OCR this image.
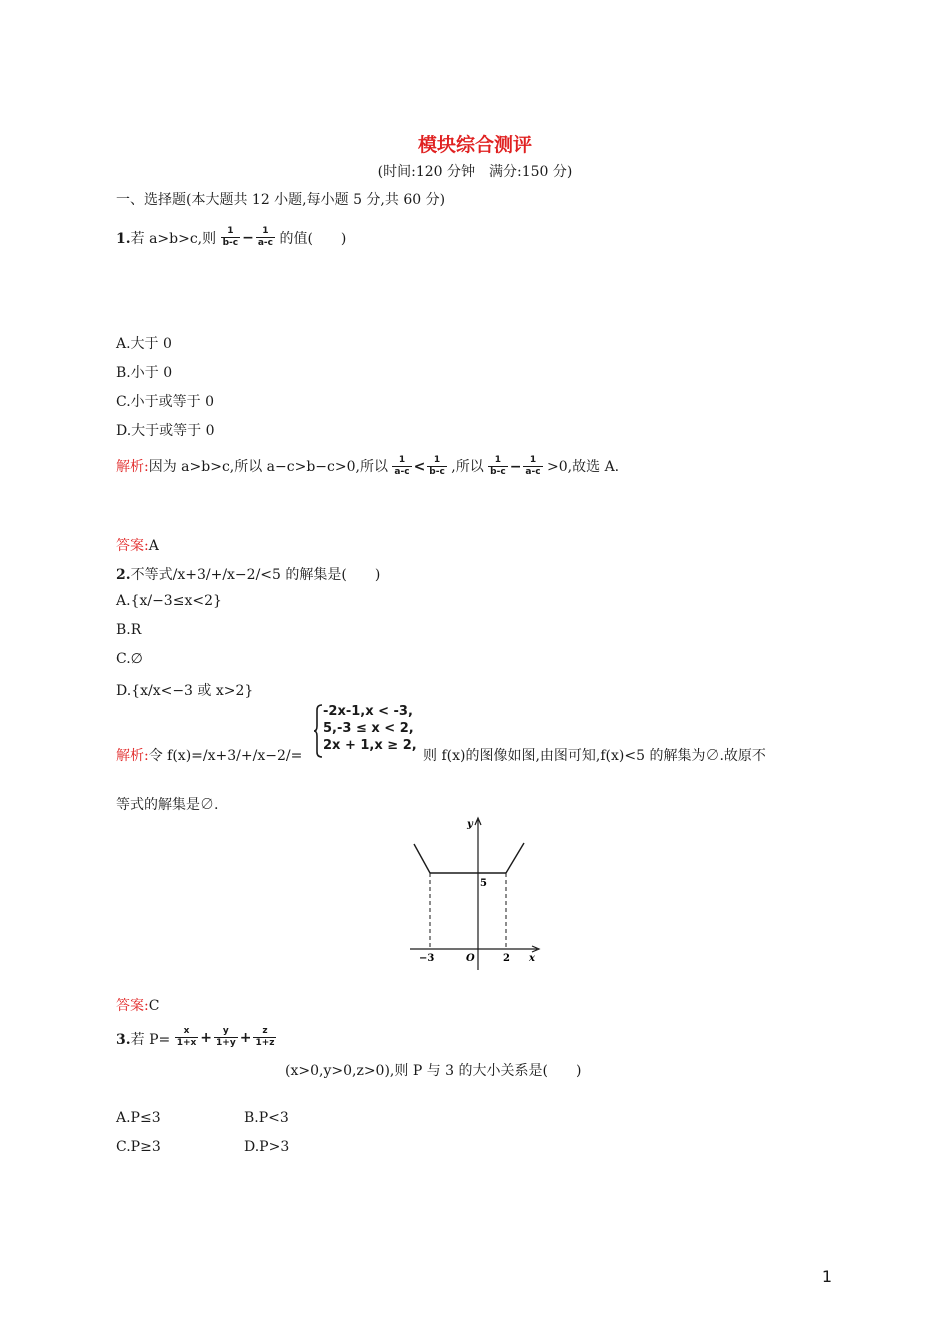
模块综合测评
(时间:120 分钟　满分:150 分)
一、选择题(本大题共 12 小题,每小题 5 分,共 60 分)
1.若 a>b>c,则 $\frac{1}{b-c} - \frac{1}{a-c}$ 的值(　　)
A.大于 0
B.小于 0
C.小于或等于 0
D.大于或等于 0
解析:因为 a>b>c,所以 a−c>b−c>0,所以 $\frac{1}{a-c} < \frac{1}{b-c}$ ,所以 $\frac{1}{b-c} - \frac{1}{a-c} >0$,故选 A.
答案:A
2.不等式/x+3/+/x−2/<5 的解集是(　　)
A.{x/−3≤x<2}
B.R
C.∅
D.{x/x<−3 或 x>2}
解析:令 f(x)=/x+3/+/x−2/=
-2x-1,x < -3,
5,-3 ≤ x < 2,
2x + 1,x ≥ 2,
则 f(x)的图像如图,由图可知,f(x)<5 的解集为∅.故原不
等式的解集是∅.
y
x
O
5
−3	2
答案:C
3.若 $P= \frac{x}{1+x} + \frac{y}{1+y} + \frac{z}{1+z}$
(x>0,y>0,z>0),则 P 与 3 的大小关系是(　　)
A.P≤3	B.P<3
C.P≥3	D.P>3
1
